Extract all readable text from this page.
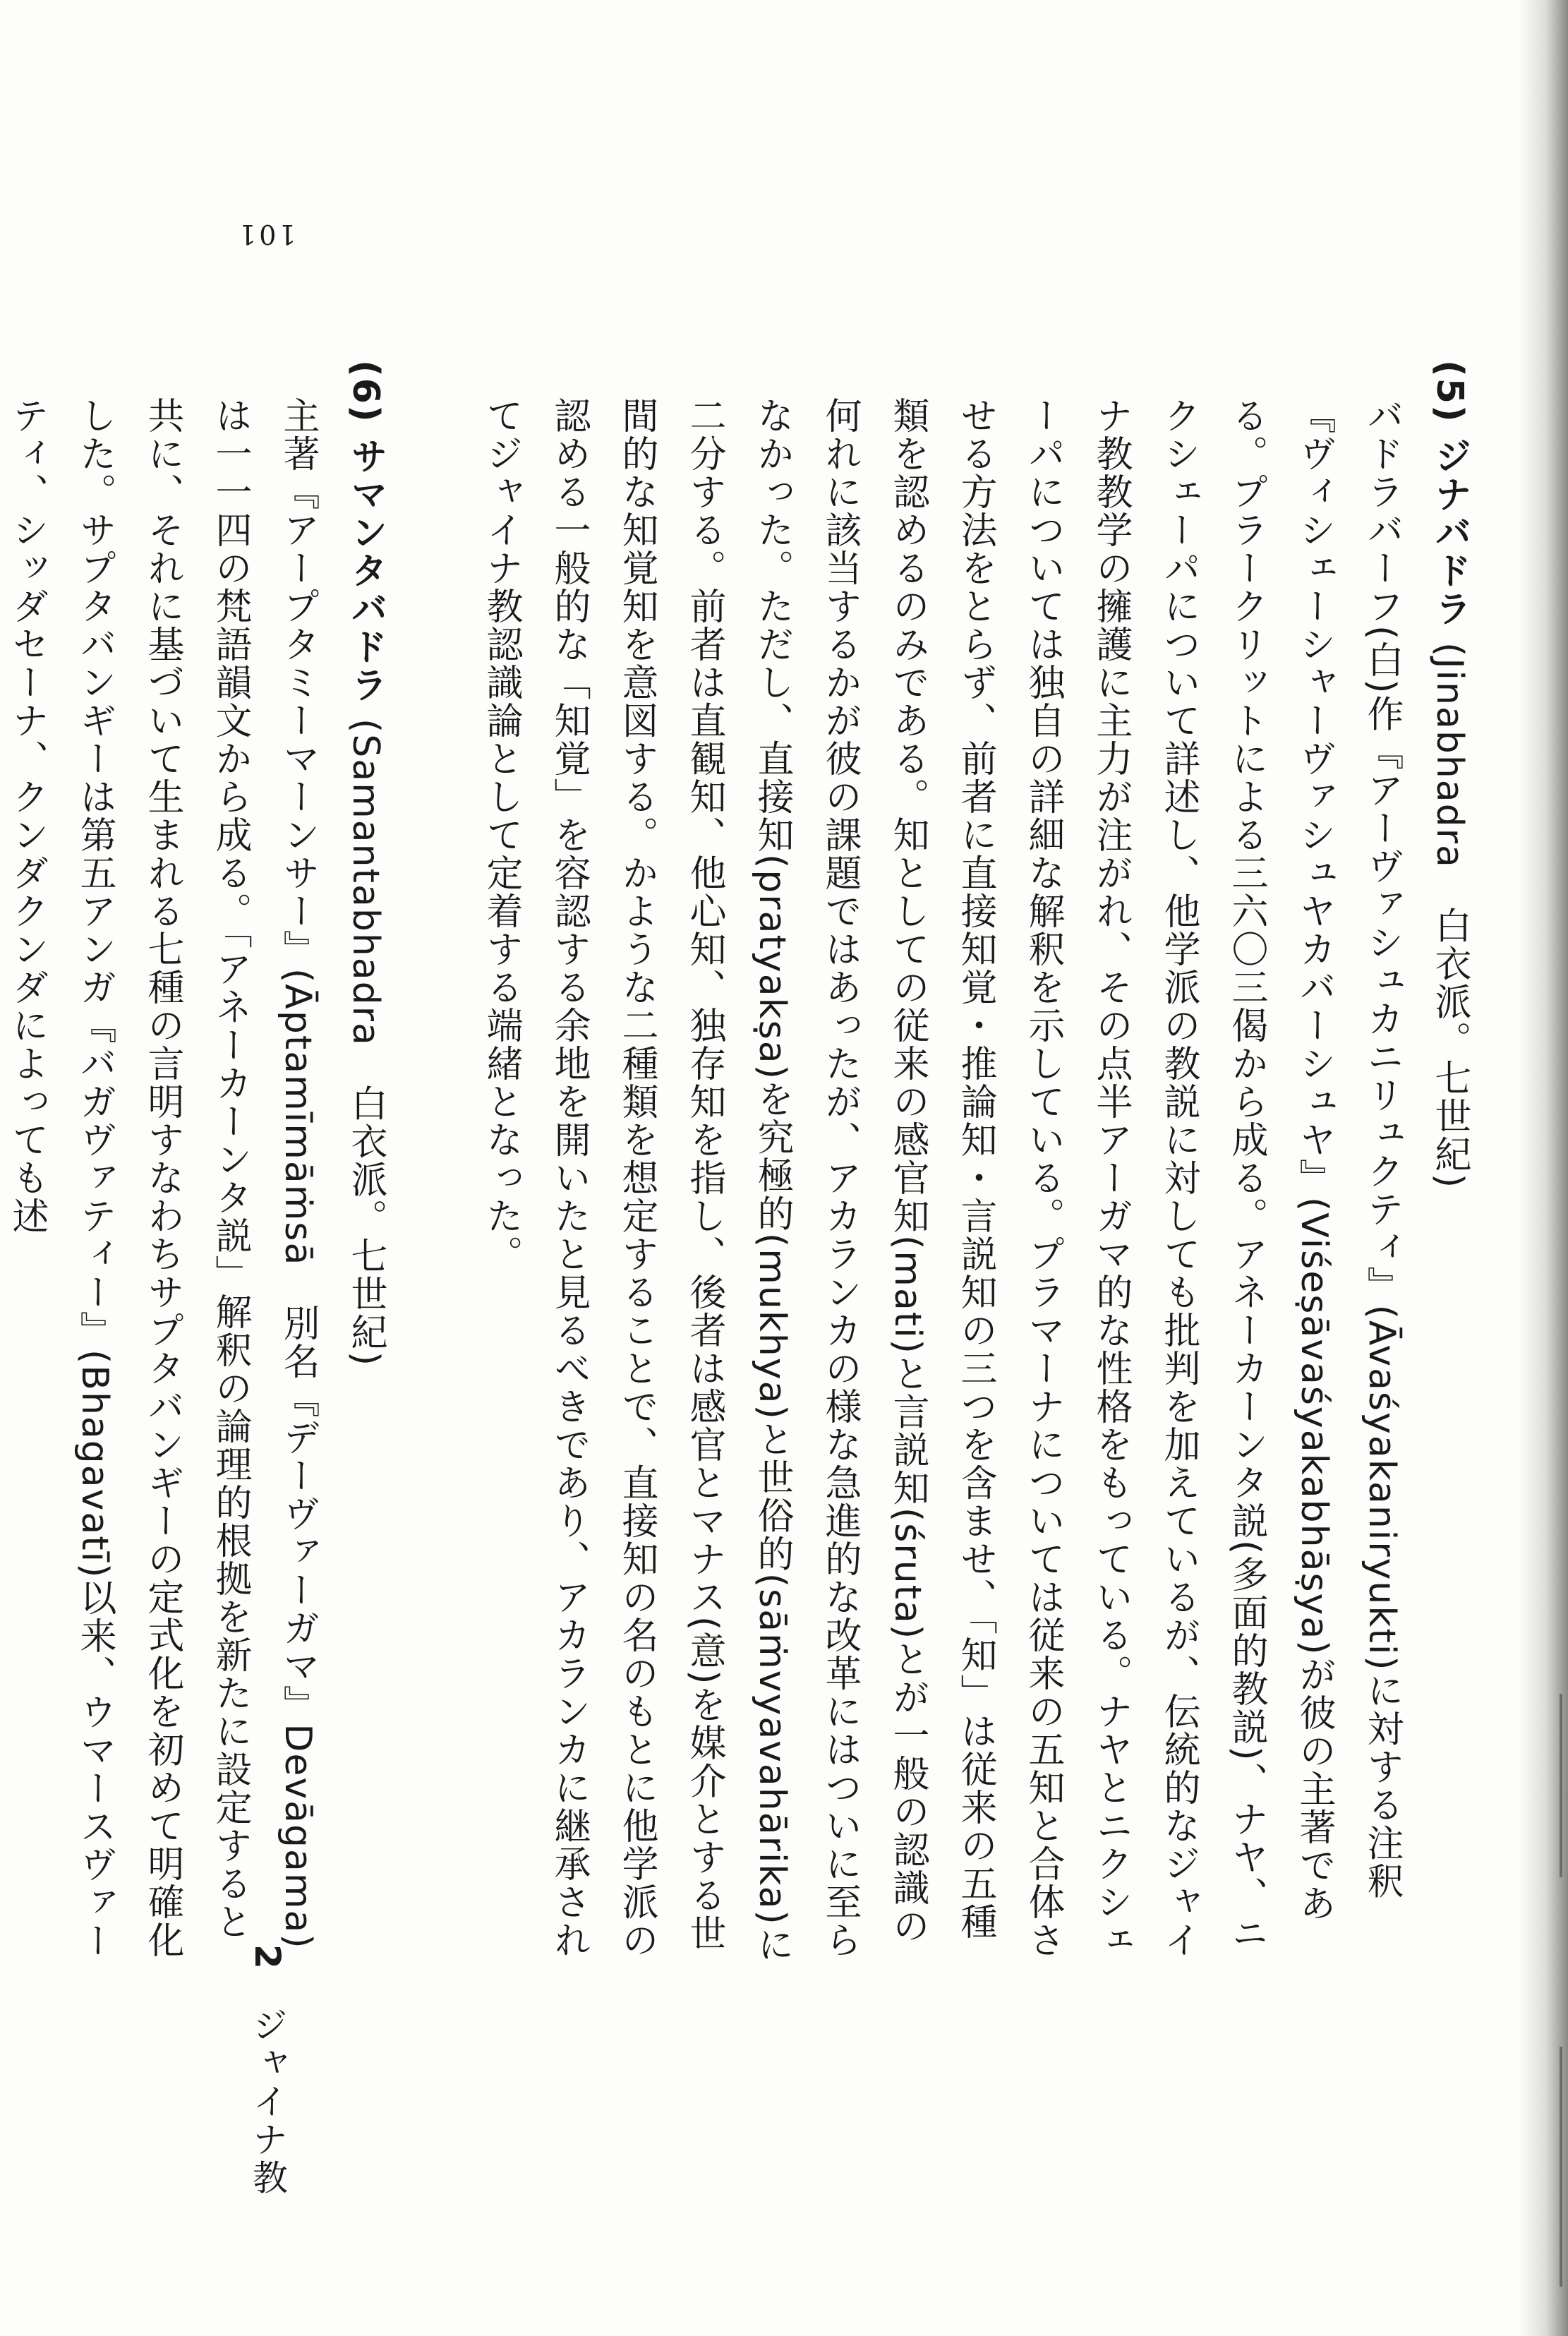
101

(5) ジナバドラ (Jinabhadra　白衣派。七世紀)

バドラバーフ(白)作『アーヴァシュカニリュクティ』(Āvaśyakaniryukti)に対する注釈『ヴィシェーシャーヴァシュヤカバーシュヤ』(Viśeṣāvaśyakabhāṣya)が彼の主著である。プラークリットによる三六〇三偈から成る。アネーカーンタ説(多面的教説)、ナヤ、ニクシェーパについて詳述し、他学派の教説に対しても批判を加えているが、伝統的なジャイナ教教学の擁護に主力が注がれ、その点半アーガマ的な性格をもっている。ナヤとニクシェーパについては独自の詳細な解釈を示している。プラマーナについては従来の五知と合体させる方法をとらず、前者に直接知覚・推論知・言説知の三つを含ませ、「知」は従来の五種類を認めるのみである。知としての従来の感官知(mati)と言説知(śruta)とが一般の認識の何れに該当するかが彼の課題ではあったが、アカランカの様な急進的な改革にはついに至らなかった。ただし、直接知(pratyakṣa)を究極的(mukhya)と世俗的(sāṁvyavahārika)に二分する。前者は直観知、他心知、独存知を指し、後者は感官とマナス(意)を媒介とする世間的な知覚知を意図する。かような二種類を想定することで、直接知の名のもとに他学派の認める一般的な「知覚」を容認する余地を開いたと見るべきであり、アカランカに継承されてジャイナ教認識論として定着する端緒となった。

(6) サマンタバドラ (Samantabhadra　白衣派。七世紀)

主著『アープタミーマーンサー』(Āptamīmāṁsā　別名『デーヴァーガマ』Devāgama)は一一四の梵語韻文から成る。「アネーカーンタ説」解釈の論理的根拠を新たに設定すると共に、それに基づいて生まれる七種の言明すなわちサプタバンギーの定式化を初めて明確化した。サプタバンギーは第五アンガ『バガヴァティー』(Bhagavatī)以来、ウマースヴァーティ、シッダセーナ、クンダクンダによっても述

2 ジャイナ教
